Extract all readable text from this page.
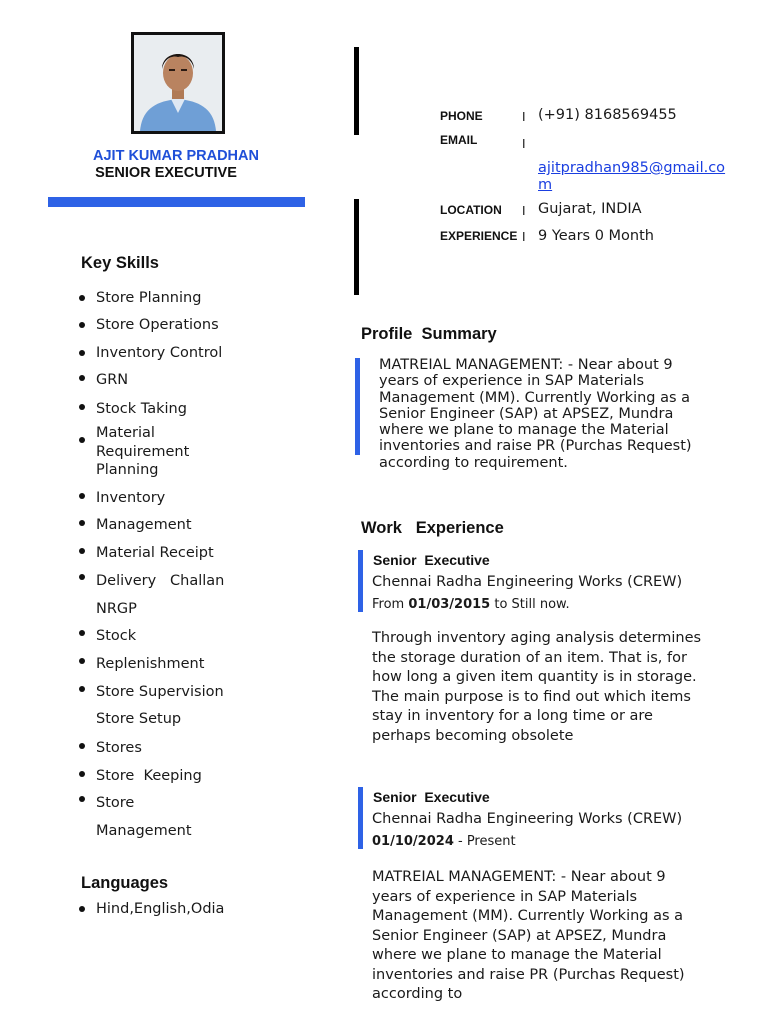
AJIT KUMAR PRADHAN
SENIOR EXECUTIVE
Key Skills
Store Planning
Store Operations
Inventory Control
GRN
Stock Taking
Material Requirement Planning
Inventory
Management
Material Receipt
Delivery   Challan
NRGP
Stock
Replenishment
Store Supervision
Store Setup
Stores
Store  Keeping
Store
Management
Languages
Hind,English,Odia
PHONE	I (+91) 8168569455
EMAIL	I
ajitpradhan985@gmail.com
LOCATION I Gujarat, INDIA
EXPERIENCE I 9 Years 0 Month
Profile  Summary
MATREIAL MANAGEMENT: - Near about 9 years of experience in SAP Materials Management (MM). Currently Working as a Senior Engineer (SAP) at APSEZ, Mundra where we plane to manage the Material inventories and raise PR (Purchas Request) according to requirement.
Work   Experience
Senior  Executive
Chennai Radha Engineering Works (CREW)
From 01/03/2015 to Still now.
Through inventory aging analysis determines the storage duration of an item. That is, for how long a given item quantity is in storage. The main purpose is to find out which items stay in inventory for a long time or are perhaps becoming obsolete
Senior  Executive
Chennai Radha Engineering Works (CREW)
01/10/2024 - Present
MATREIAL MANAGEMENT: - Near about 9 years of experience in SAP Materials Management (MM). Currently Working as a Senior Engineer (SAP) at APSEZ, Mundra where we plane to manage the Material inventories and raise PR (Purchas Request) according to
